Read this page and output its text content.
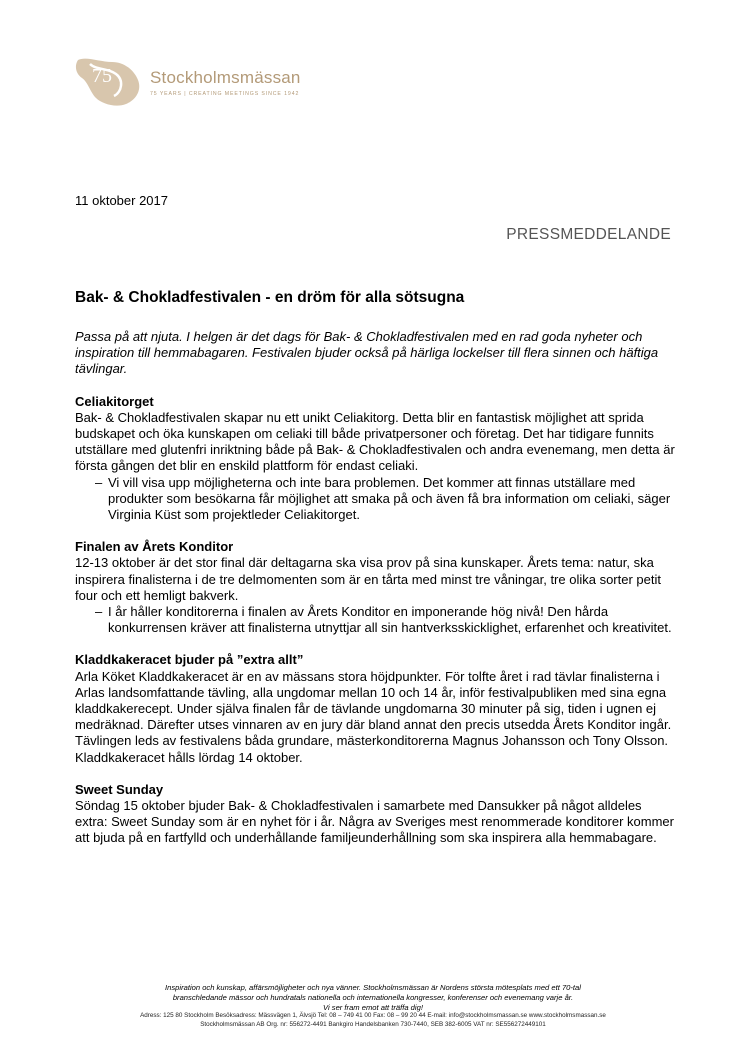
75 Stockholmsmässan
75 YEARS | CREATING MEETINGS SINCE 1942
11 oktober 2017
PRESSMEDDELANDE
Bak- & Chokladfestivalen - en dröm för alla sötsugna

Passa på att njuta. I helgen är det dags för Bak- & Chokladfestivalen med en rad goda nyheter och inspiration till hemmabagaren. Festivalen bjuder också på härliga lockelser till flera sinnen och häftiga tävlingar.

Celiakitorget

Bak- & Chokladfestivalen skapar nu ett unikt Celiakitorg. Detta blir en fantastisk möjlighet att sprida budskapet och öka kunskapen om celiaki till både privatpersoner och företag. Det har tidigare funnits utställare med glutenfri inriktning både på Bak- & Chokladfestivalen och andra evenemang, men detta är första gången det blir en enskild plattform för endast celiaki.

– Vi vill visa upp möjligheterna och inte bara problemen. Det kommer att finnas utställare med produkter som besökarna får möjlighet att smaka på och även få bra information om celiaki, säger Virginia Küst som projektleder Celiakitorget.

Finalen av Årets Konditor

12-13 oktober är det stor final där deltagarna ska visa prov på sina kunskaper. Årets tema: natur, ska inspirera finalisterna i de tre delmomenten som är en tårta med minst tre våningar, tre olika sorter petit four och ett hemligt bakverk.

– I år håller konditorerna i finalen av Årets Konditor en imponerande hög nivå! Den hårda konkurrensen kräver att finalisterna utnyttjar all sin hantverksskicklighet, erfarenhet och kreativitet.

Kladdkakeracet bjuder på ”extra allt”

Arla Köket Kladdkakeracet är en av mässans stora höjdpunkter. För tolfte året i rad tävlar finalisterna i Arlas landsomfattande tävling, alla ungdomar mellan 10 och 14 år, inför festivalpubliken med sina egna kladdkakerecept. Under själva finalen får de tävlande ungdomarna 30 minuter på sig, tiden i ugnen ej medräknad. Därefter utses vinnaren av en jury där bland annat den precis utsedda Årets Konditor ingår. Tävlingen leds av festivalens båda grundare, mästerkonditorerna Magnus Johansson och Tony Olsson.

Kladdkakeracet hålls lördag 14 oktober.

Sweet Sunday

Söndag 15 oktober bjuder Bak- & Chokladfestivalen i samarbete med Dansukker på något alldeles extra: Sweet Sunday som är en nyhet för i år. Några av Sveriges mest renommerade konditorer kommer att bjuda på en fartfylld och underhållande familjeunderhållning som ska inspirera alla hemmabagare.

Inspiration och kunskap, affärsmöjligheter och nya vänner. Stockholmsmässan är Nordens största mötesplats med ett 70-tal
branschledande mässor och hundratals nationella och internationella kongresser, konferenser och evenemang varje år.
Vi ser fram emot att träffa dig!
Adress: 125 80 Stockholm Besöksadress: Mässvägen 1, Älvsjö Tel: 08 – 749 41 00 Fax: 08 – 99 20 44 E-mail: info@stockholmsmassan.se www.stockholmsmassan.se
Stockholmsmässan AB Org. nr: 556272-4491 Bankgiro Handelsbanken 730-7440, SEB 382-6005 VAT nr: SE556272449101
